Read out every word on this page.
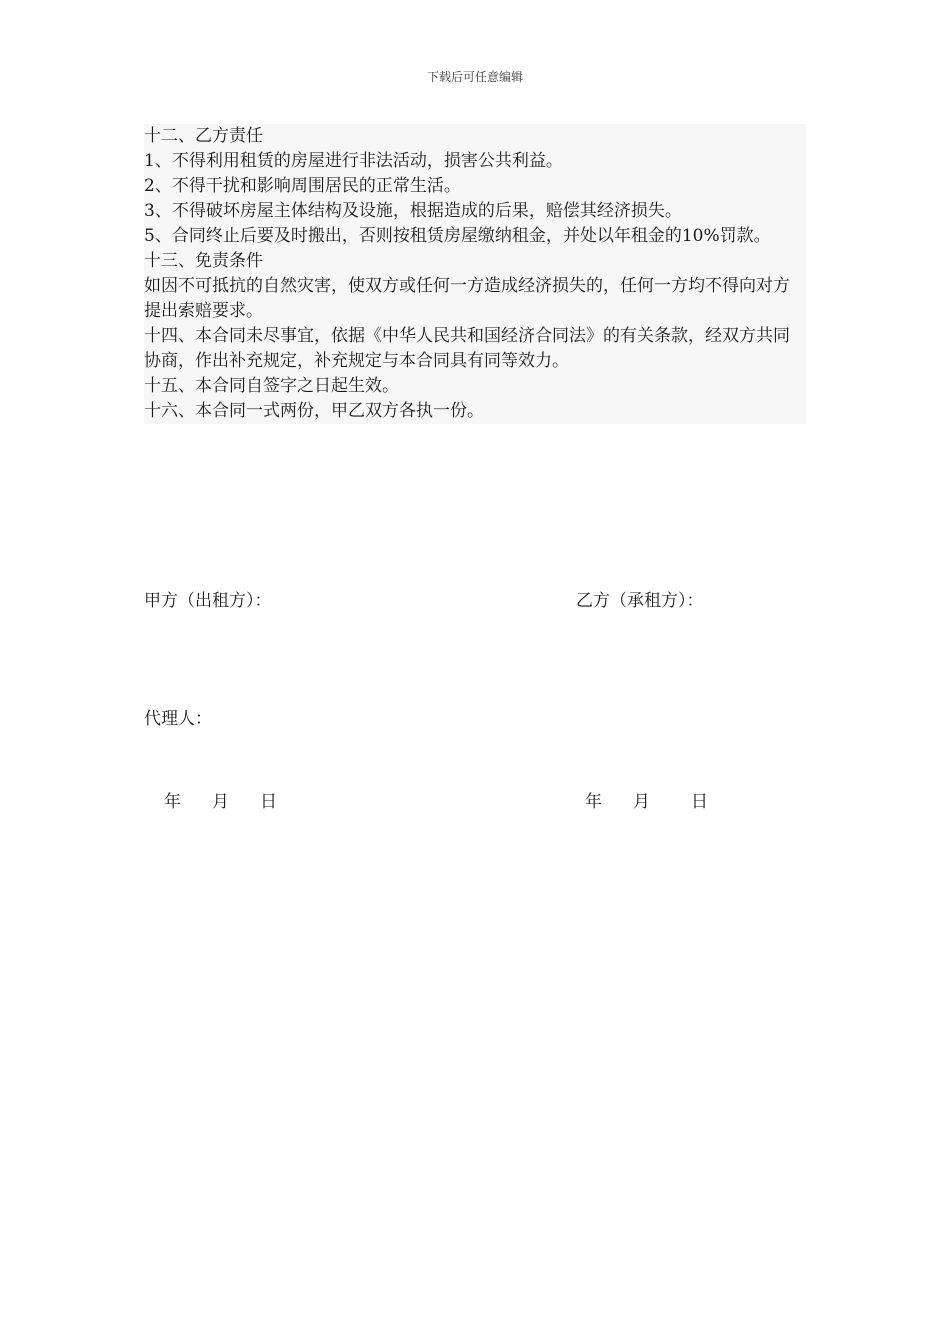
下载后可任意编辑

十二、乙方责任

1、不得利用租赁的房屋进行非法活动，损害公共利益。

2、不得干扰和影响周围居民的正常生活。

3、不得破坏房屋主体结构及设施，根据造成的后果，赔偿其经济损失。

5、合同终止后要及时搬出，否则按租赁房屋缴纳租金，并处以年租金的10%罚款。

十三、免责条件

如因不可抵抗的自然灾害，使双方或任何一方造成经济损失的，任何一方均不得向对方提出索赔要求。

十四、本合同未尽事宜，依据《中华人民共和国经济合同法》的有关条款，经双方共同协商，作出补充规定，补充规定与本合同具有同等效力。

十五、本合同自签字之日起生效。

十六、本合同一式两份，甲乙双方各执一份。

甲方（出租方）：	乙方（承租方）：
代理人：
年 月 日	年 月 日
